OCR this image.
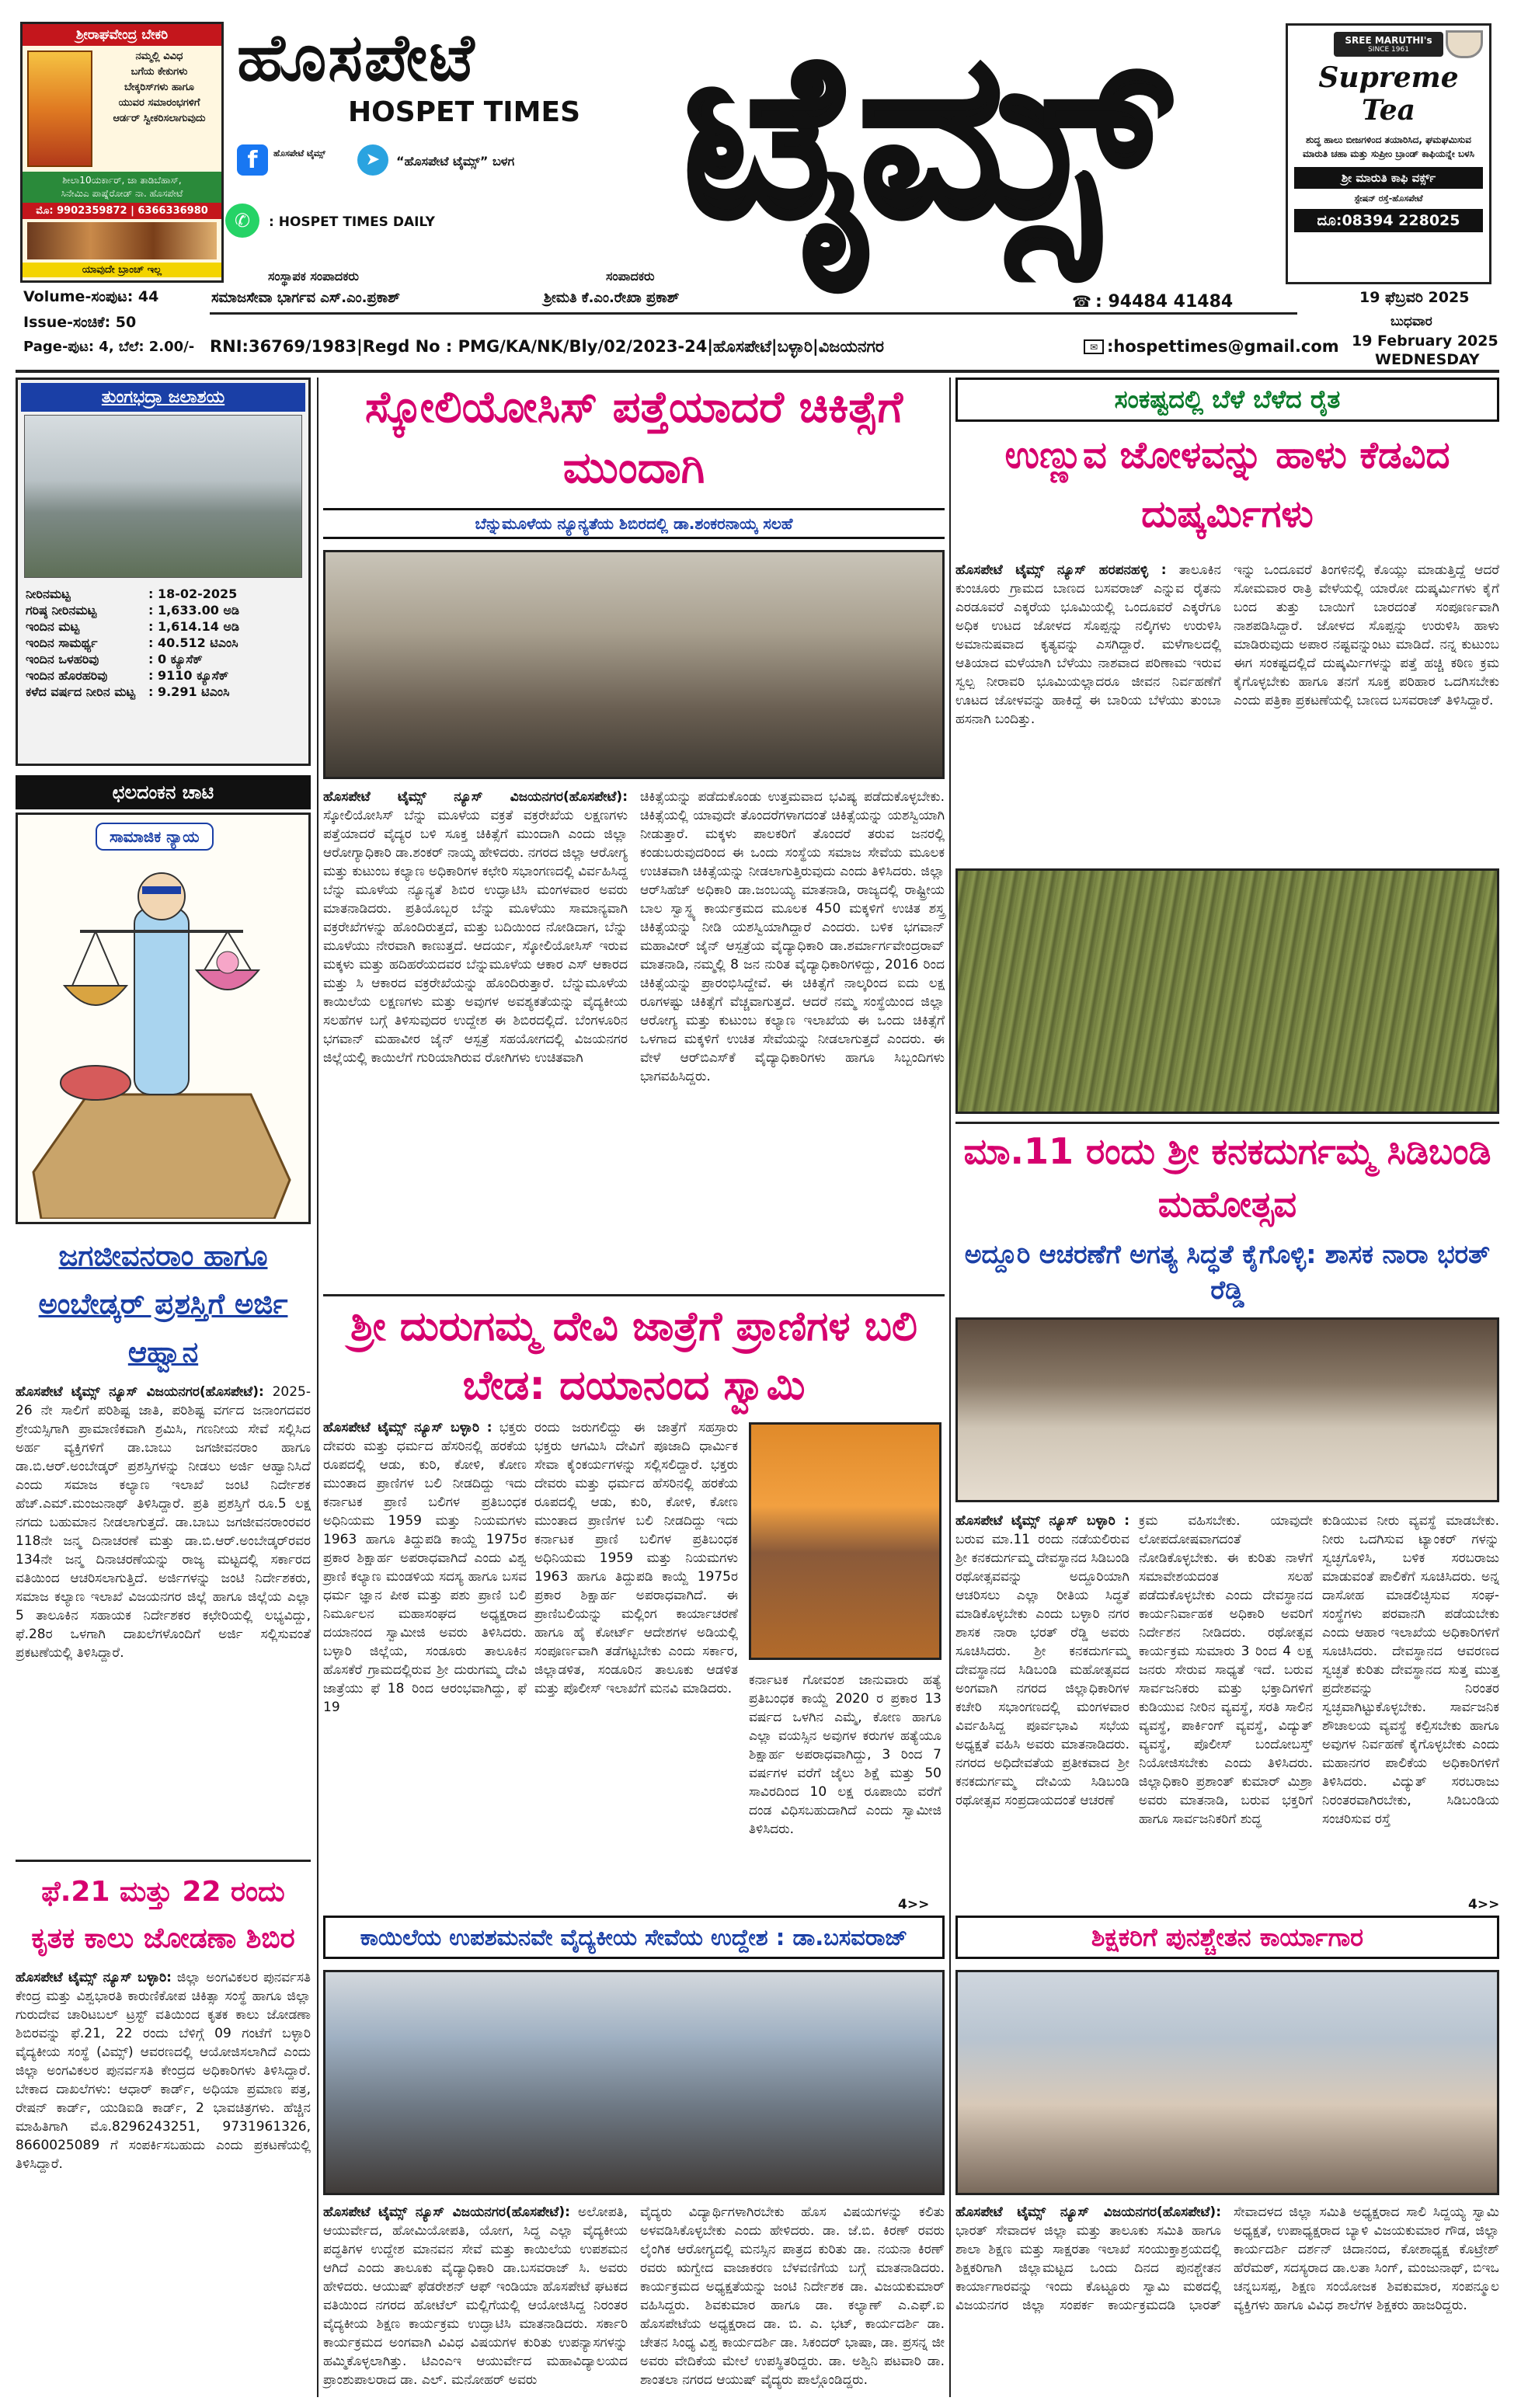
ಶ್ರೀರಾಘವೇಂದ್ರ ಬೇಕರಿ
ನಮ್ಮಲ್ಲಿ ವಿವಿಧ
ಬಗೆಯ ಕೇಕುಗಳು
ಬೇಕ್ಕರಿಸ್‌ಗಳು ಹಾಗೂ
ಯುವರ ಸಮಾರಂಭಗಳಿಗೆ
ಆರ್ಡರ್ ಸ್ವೀಕರಿಸಲಾಗುವುದು
ಶೀಲಾ10ಯರ್ಕಾರ್, ಜಾ ತಾಡಿಬೆಹಾಸ್,
ಸಿನೇಮಿಎ ಪಾಷ್ನೆರೋಡ್ ನಾ. ಹೊಸಪೇಟೆ
ಮೊ: 9902359872 | 6366336980
ಯಾವುದೇ ಬ್ರಾಂಚ್ ಇಲ್ಲ
ಹೊಸಪೇಟೆ
HOSPET TIMES
f	ಹೊಸಪೇಟೆ ಟೈಮ್ಸ್	➤	“ಹೊಸಪೇಟೆ ಟೈಮ್ಸ್” ಬಳಗ
✆	: HOSPET TIMES DAILY ಟೈಮ್ಸ್	SREE MARUTHI's
SINCE 1961
Supreme Tea
ಶುದ್ಧ ಹಾಲು ಬೀಜಗಳಿಂದ ತಯಾರಿಸಿದ, ಘಮಘಮಿಸುವ ಮಾರುತಿ ಚಹಾ ಮತ್ತು ಸುಪ್ರೀಂ ಬ್ರಾಂಡ್ ಕಾಫಿಯನ್ನೇ ಬಳಸಿ
ಶ್ರೀ ಮಾರುತಿ ಕಾಫಿ ವರ್ಕ್ಸ್
ಸ್ಟೇಷನ್ ರಸ್ತೆ-ಹೊಸಪೇಟೆ
ದೂ:08394 228025
ಸಂಸ್ಥಾಪಕ ಸಂಪಾದಕರು	ಸಂಪಾದಕರು
Volume-ಸಂಪುಟ: 44	ಸಮಾಜಸೇವಾ ಭಾರ್ಗವ ಎಸ್.ಎಂ.ಪ್ರಕಾಶ್	ಶ್ರೀಮತಿ ಕೆ.ಎಂ.ರೇಖಾ ಪ್ರಕಾಶ್	☎ : 94484 41484	19 ಫೆಬ್ರವರಿ 2025
Issue-ಸಂಚಿಕೆ: 50	ಬುಧವಾರ
Page-ಪುಟ: 4, ಬೆಲೆ: 2.00/- RNI:36769/1983|Regd No : PMG/KA/NK/Bly/02/2023-24|ಹೊಸಪೇಟೆ|ಬಳ್ಳಾರಿ|ವಿಜಯನಗರ	✉ :hospettimes@gmail.com 19 February 2025
WEDNESDAY
ತುಂಗಭದ್ರಾ ಜಲಾಶಯ
ನೀರಿನಮಟ್ಟ	: 18-02-2025
ಗರಿಷ್ಠ ನೀರಿನಮಟ್ಟ	: 1,633.00 ಅಡಿ
ಇಂದಿನ ಮಟ್ಟ	: 1,614.14 ಅಡಿ
ಇಂದಿನ ಸಾಮರ್ಥ್ಯ	: 40.512 ಟಿಎಂಸಿ
ಇಂದಿನ ಒಳಹರಿವು	: 0 ಕ್ಯೂಸೆಕ್
ಇಂದಿನ ಹೊರಹರಿವು	: 9110 ಕ್ಯೂಸೆಕ್
ಕಳೆದ ವರ್ಷದ ನೀರಿನ ಮಟ್ಟ	: 9.291 ಟಿಎಂಸಿ
ಛಲದಂಕನ ಚಾಟಿ
ಸಾಮಾಜಿಕ ನ್ಯಾಯ
ಜಗಜೀವನರಾಂ ಹಾಗೂ ಅಂಬೇಡ್ಕರ್ ಪ್ರಶಸ್ತಿಗೆ ಅರ್ಜಿ ಆಹ್ವಾನ
ಹೊಸಪೇಟೆ ಟೈಮ್ಸ್ ನ್ಯೂಸ್ ವಿಜಯನಗರ(ಹೊಸಪೇಟೆ): 2025-26 ನೇ ಸಾಲಿಗೆ ಪರಿಶಿಷ್ಟ ಜಾತಿ, ಪರಿಶಿಷ್ಟ ವರ್ಗದ ಜನಾಂಗದವರ ಶ್ರೇಯಸ್ಸಿಗಾಗಿ ಪ್ರಾಮಾಣಿಕವಾಗಿ ಶ್ರಮಿಸಿ, ಗಣನೀಯ ಸೇವೆ ಸಲ್ಲಿಸಿದ ಅರ್ಹ ವ್ಯಕ್ತಿಗಳಿಗೆ ಡಾ.ಬಾಬು ಜಗಜೀವನರಾಂ ಹಾಗೂ ಡಾ.ಬಿ.ಆರ್.ಅಂಬೇಡ್ಕರ್ ಪ್ರಶಸ್ತಿಗಳನ್ನು ನೀಡಲು ಅರ್ಜಿ ಆಹ್ವಾನಿಸಿದೆ ಎಂದು ಸಮಾಜ ಕಲ್ಯಾಣ ಇಲಾಖೆ ಜಂಟಿ ನಿರ್ದೇಶಕ ಹೆಚ್.ಎಮ್.ಮಂಜುನಾಥ್ ತಿಳಿಸಿದ್ದಾರೆ. ಪ್ರತಿ ಪ್ರಶಸ್ತಿಗೆ ರೂ.5 ಲಕ್ಷ ನಗದು ಬಹುಮಾನ ನೀಡಲಾಗುತ್ತದೆ. ಡಾ.ಬಾಬು ಜಗಜೀವನರಾಂರವರ 118ನೇ ಜನ್ಮ ದಿನಾಚರಣೆ ಮತ್ತು ಡಾ.ಬಿ.ಆರ್.ಅಂಬೇಡ್ಕರ್‌ರವರ 134ನೇ ಜನ್ಮ ದಿನಾಚರಣೆಯನ್ನು ರಾಜ್ಯ ಮಟ್ಟದಲ್ಲಿ ಸರ್ಕಾರದ ವತಿಯಿಂದ ಆಚರಿಸಲಾಗುತ್ತಿದೆ. ಅರ್ಜಿಗಳನ್ನು ಜಂಟಿ ನಿರ್ದೇಶಕರು, ಸಮಾಜ ಕಲ್ಯಾಣ ಇಲಾಖೆ ವಿಜಯನಗರ ಜಿಲ್ಲೆ ಹಾಗೂ ಜಿಲ್ಲೆಯ ಎಲ್ಲಾ 5 ತಾಲೂಕಿನ ಸಹಾಯಕ ನಿರ್ದೇಶಕರ ಕಛೇರಿಯಲ್ಲಿ ಲಭ್ಯವಿದ್ದು, ಫೆ.28ರ ಒಳಗಾಗಿ ದಾಖಲೆಗಳೊಂದಿಗೆ ಅರ್ಜಿ ಸಲ್ಲಿಸುವಂತೆ ಪ್ರಕಟಣೆಯಲ್ಲಿ ತಿಳಿಸಿದ್ದಾರೆ.
ಫೆ.21 ಮತ್ತು 22 ರಂದು ಕೃತಕ ಕಾಲು ಜೋಡಣಾ ಶಿಬಿರ
ಹೊಸಪೇಟೆ ಟೈಮ್ಸ್ ನ್ಯೂಸ್ ಬಳ್ಳಾರಿ: ಜಿಲ್ಲಾ ಅಂಗವಿಕಲರ ಪುನರ್ವಸತಿ ಕೇಂದ್ರ ಮತ್ತು ವಿಶ್ವಭಾರತಿ ಕಾರುಣಿಕೋಪ ಚಿಕಿತ್ಸಾ ಸಂಸ್ಥೆ ಹಾಗೂ ಜಿಲ್ಲಾ ಗುರುದೇವ ಚಾರಿಟಬಲ್ ಟ್ರಸ್ಟ್ ವತಿಯಿಂದ ಕೃತಕ ಕಾಲು ಜೋಡಣಾ ಶಿಬಿರವನ್ನು ಫೆ.21, 22 ರಂದು ಬೆಳಿಗ್ಗೆ 09 ಗಂಟೆಗೆ ಬಳ್ಳಾರಿ ವೈದ್ಯಕೀಯ ಸಂಸ್ಥೆ (ವಿಮ್ಸ್) ಆವರಣದಲ್ಲಿ ಆಯೋಜಿಸಲಾಗಿದೆ ಎಂದು ಜಿಲ್ಲಾ ಅಂಗವಿಕಲರ ಪುನರ್ವಸತಿ ಕೇಂದ್ರದ ಅಧಿಕಾರಿಗಳು ತಿಳಿಸಿದ್ದಾರೆ. ಬೇಕಾದ ದಾಖಲೆಗಳು: ಆಧಾರ್ ಕಾರ್ಡ್, ಅಧಿಯಾ ಪ್ರಮಾಣ ಪತ್ರ, ರೇಷನ್ ಕಾರ್ಡ್, ಯುಡಿಐಡಿ ಕಾರ್ಡ್, 2 ಭಾವಚಿತ್ರಗಳು. ಹೆಚ್ಚಿನ ಮಾಹಿತಿಗಾಗಿ ಮೊ.8296243251, 9731961326, 8660025089 ಗೆ ಸಂಪರ್ಕಿಸಬಹುದು ಎಂದು ಪ್ರಕಟಣೆಯಲ್ಲಿ ತಿಳಿಸಿದ್ದಾರೆ.
ಸ್ಕೋಲಿಯೋಸಿಸ್ ಪತ್ತೆಯಾದರೆ ಚಿಕಿತ್ಸೆಗೆ ಮುಂದಾಗಿ
ಬೆನ್ನುಮೂಳೆಯ ನ್ಯೂನ್ಯತೆಯ ಶಿಬಿರದಲ್ಲಿ ಡಾ.ಶಂಕರನಾಯ್ಕ ಸಲಹೆ
ಹೊಸಪೇಟೆ ಟೈಮ್ಸ್ ನ್ಯೂಸ್ ವಿಜಯನಗರ(ಹೊಸಪೇಟೆ): ಸ್ಕೋಲಿಯೋಸಿಸ್ ಬೆನ್ನು ಮೂಳೆಯ ವಕ್ರತೆ ವಕ್ರರೇಖೆಯ ಲಕ್ಷಣಗಳು ಪತ್ತೆಯಾದರೆ ವೈದ್ಯರ ಬಳಿ ಸೂಕ್ತ ಚಿಕಿತ್ಸೆಗೆ ಮುಂದಾಗಿ ಎಂದು ಜಿಲ್ಲಾ ಆರೋಗ್ಯಾಧಿಕಾರಿ ಡಾ.ಶಂಕರ್ ನಾಯ್ಕ ಹೇಳಿದರು. ನಗರದ ಜಿಲ್ಲಾ ಆರೋಗ್ಯ ಮತ್ತು ಕುಟುಂಬ ಕಲ್ಯಾಣ ಅಧಿಕಾರಿಗಳ ಕಛೇರಿ ಸಭಾಂಗಣದಲ್ಲಿ ವಿರ್ವಹಿಸಿದ್ದ ಬೆನ್ನು ಮೂಳೆಯ ನ್ಯೂನ್ಯತೆ ಶಿಬಿರ ಉದ್ಘಾಟಿಸಿ ಮಂಗಳವಾರ ಅವರು ಮಾತನಾಡಿದರು. ಪ್ರತಿಯೊಬ್ಬರ ಬೆನ್ನು ಮೂಳೆಯು ಸಾಮಾನ್ಯವಾಗಿ ವಕ್ರರೇಖೆಗಳನ್ನು ಹೊಂದಿರುತ್ತದೆ, ಮತ್ತು ಬದಿಯಿಂದ ನೋಡಿದಾಗ, ಬೆನ್ನು ಮೂಳೆಯು ನೇರವಾಗಿ ಕಾಣುತ್ತದೆ. ಆದರ್ಯ, ಸ್ಕೋಲಿಯೋಸಿಸ್ ಇರುವ ಮಕ್ಕಳು ಮತ್ತು ಹದಿಹರೆಯದವರ ಬೆನ್ನುಮೂಳೆಯ ಆಕಾರ ಎಸ್ ಆಕಾರದ ಮತ್ತು ಸಿ ಆಕಾರದ ವಕ್ರರೇಖೆಯನ್ನು ಹೊಂದಿರುತ್ತಾರೆ. ಬೆನ್ನುಮೂಳೆಯ ಕಾಯಿಲೆಯ ಲಕ್ಷಣಗಳು ಮತ್ತು ಅವುಗಳ ಅವಶ್ಯಕತೆಯನ್ನು ವೈದ್ಯಕೀಯ ಸಲಹೆಗಳ ಬಗ್ಗೆ ತಿಳಿಸುವುದರ ಉದ್ದೇಶ ಈ ಶಿಬಿರದಲ್ಲಿದೆ. ಬೆಂಗಳೂರಿನ ಭಗವಾನ್ ಮಹಾವೀರ ಜೈನ್ ಆಸ್ಪತ್ರೆ ಸಹಯೋಗದಲ್ಲಿ ವಿಜಯನಗರ ಜಿಲ್ಲೆಯಲ್ಲಿ ಕಾಯಿಲೆಗೆ ಗುರಿಯಾಗಿರುವ ರೋಗಿಗಳು ಉಚಿತವಾಗಿ
ಚಿಕಿತ್ಸೆಯನ್ನು ಪಡೆದುಕೊಂಡು ಉತ್ತಮವಾದ ಭವಿಷ್ಯ ಪಡೆದುಕೊಳ್ಳಬೇಕು. ಚಿಕಿತ್ಸೆಯಲ್ಲಿ ಯಾವುದೇ ತೊಂದರೆಗಳಾಗದಂತೆ ಚಿಕಿತ್ಸೆಯನ್ನು ಯಶಸ್ವಿಯಾಗಿ ನೀಡುತ್ತಾರೆ. ಮಕ್ಕಳು ಪಾಲಕರಿಗೆ ತೊಂದರೆ ತರುವ ಜನರಲ್ಲಿ ಕಂಡುಬರುವುದರಿಂದ ಈ ಒಂದು ಸಂಸ್ಥೆಯ ಸಮಾಜ ಸೇವೆಯ ಮೂಲಕ ಉಚಿತವಾಗಿ ಚಿಕಿತ್ಸೆಯನ್ನು ನೀಡಲಾಗುತ್ತಿರುವುದು ಎಂದು ತಿಳಿಸಿದರು. ಜಿಲ್ಲಾ ಆರ್‌ಸಿಹೆಚ್ ಅಧಿಕಾರಿ ಡಾ.ಜಂಬಯ್ಯ ಮಾತನಾಡಿ, ರಾಜ್ಯದಲ್ಲಿ ರಾಷ್ಟ್ರೀಯ ಬಾಲ ಸ್ವಾಸ್ಥ್ಯ ಕಾರ್ಯಕ್ರಮದ ಮೂಲಕ 450 ಮಕ್ಕಳಿಗೆ ಉಚಿತ ಶಸ್ತ್ರ ಚಿಕಿತ್ಸೆಯನ್ನು ನೀಡಿ ಯಶಸ್ವಿಯಾಗಿದ್ದಾರೆ ಎಂದರು. ಬಳಿಕ ಭಗವಾನ್ ಮಹಾವೀರ್ ಜೈನ್ ಆಸ್ಪತ್ರೆಯ ವೈದ್ಯಾಧಿಕಾರಿ ಡಾ.ಶರ್ಮಾರ್ಗವೇಂದ್ರರಾವ್ ಮಾತನಾಡಿ, ನಮ್ಮಲ್ಲಿ 8 ಜನ ನುರಿತ ವೈದ್ಯಾಧಿಕಾರಿಗಳಿದ್ದು, 2016 ರಿಂದ ಚಿಕಿತ್ಸೆಯನ್ನು ಪ್ರಾರಂಭಿಸಿದ್ದೇವೆ. ಈ ಚಿಕಿತ್ಸೆಗೆ ನಾಲ್ಕರಿಂದ ಐದು ಲಕ್ಷ ರೂಗಳಷ್ಟು ಚಿಕಿತ್ಸೆಗೆ ವೆಚ್ಚವಾಗುತ್ತದೆ. ಆದರೆ ನಮ್ಮ ಸಂಸ್ಥೆಯಿಂದ ಜಿಲ್ಲಾ ಆರೋಗ್ಯ ಮತ್ತು ಕುಟುಂಬ ಕಲ್ಯಾಣ ಇಲಾಖೆಯ ಈ ಒಂದು ಚಿಕಿತ್ಸೆಗೆ ಒಳಗಾದ ಮಕ್ಕಳಿಗೆ ಉಚಿತ ಸೇವೆಯನ್ನು ನೀಡಲಾಗುತ್ತದೆ ಎಂದರು. ಈ ವೇಳೆ ಆರ್‌ಬಿಎಸ್‌ಕೆ ವೈದ್ಯಾಧಿಕಾರಿಗಳು ಹಾಗೂ ಸಿಬ್ಬಂದಿಗಳು ಭಾಗವಹಿಸಿದ್ದರು.
ಶ್ರೀ ದುರುಗಮ್ಮ ದೇವಿ ಜಾತ್ರೆಗೆ ಪ್ರಾಣಿಗಳ ಬಲಿ ಬೇಡ: ದಯಾನಂದ ಸ್ವಾಮಿ
ಹೊಸಪೇಟೆ ಟೈಮ್ಸ್ ನ್ಯೂಸ್ ಬಳ್ಳಾರಿ : ಭಕ್ತರು ದೇವರು ಮತ್ತು ಧರ್ಮದ ಹೆಸರಿನಲ್ಲಿ ಹರಕೆಯ ರೂಪದಲ್ಲಿ ಆಡು, ಕುರಿ, ಕೋಳಿ, ಕೋಣ ಮುಂತಾದ ಪ್ರಾಣಿಗಳ ಬಲಿ ನೀಡದಿದ್ದು ಇದು ಕರ್ನಾಟಕ ಪ್ರಾಣಿ ಬಲಿಗಳ ಪ್ರತಿಬಂಧಕ ಅಧಿನಿಯಮ 1959 ಮತ್ತು ನಿಯಮಗಳು 1963 ಹಾಗೂ ತಿದ್ದುಪಡಿ ಕಾಯ್ದೆ 1975ರ ಪ್ರಕಾರ ಶಿಕ್ಷಾರ್ಹ ಅಪರಾಧವಾಗಿದೆ ಎಂದು ವಿಶ್ವ ಪ್ರಾಣಿ ಕಲ್ಯಾಣ ಮಂಡಳಿಯ ಸದಸ್ಯ ಹಾಗೂ ಬಸವ ಧರ್ಮ ಜ್ಞಾನ ಪೀಠ ಮತ್ತು ಪಶು ಪ್ರಾಣಿ ಬಲಿ ನಿರ್ಮೂಲನ ಮಹಾಸಂಘದ ಅಧ್ಯಕ್ಷರಾದ ದಯಾನಂದ ಸ್ವಾಮೀಜಿ ಅವರು ತಿಳಿಸಿದರು. ಬಳ್ಳಾರಿ ಜಿಲ್ಲೆಯ, ಸಂಡೂರು ತಾಲೂಕಿನ ಹೊಸಕೆರೆ ಗ್ರಾಮದಲ್ಲಿರುವ ಶ್ರೀ ದುರುಗಮ್ಮ ದೇವಿ ಜಾತ್ರೆಯು ಫೆ 18 ರಿಂದ ಆರಂಭವಾಗಿದ್ದು, ಫೆ 19
ರಂದು ಜರುಗಲಿದ್ದು ಈ ಜಾತ್ರೆಗೆ ಸಹಸ್ರಾರು ಭಕ್ತರು ಆಗಮಿಸಿ ದೇವಿಗೆ ಪೂಜಾದಿ ಧಾರ್ಮಿಕ ಸೇವಾ ಕೈಂಕರ್ಯಗಳನ್ನು ಸಲ್ಲಿಸಲಿದ್ದಾರೆ. ಭಕ್ತರು ದೇವರು ಮತ್ತು ಧರ್ಮದ ಹೆಸರಿನಲ್ಲಿ ಹರಕೆಯ ರೂಪದಲ್ಲಿ ಆಡು, ಕುರಿ, ಕೋಳಿ, ಕೋಣ ಮುಂತಾದ ಪ್ರಾಣಿಗಳ ಬಲಿ ನೀಡದಿದ್ದು ಇದು ಕರ್ನಾಟಕ ಪ್ರಾಣಿ ಬಲಿಗಳ ಪ್ರತಿಬಂಧಕ ಅಧಿನಿಯಮ 1959 ಮತ್ತು ನಿಯಮಗಳು 1963 ಹಾಗೂ ತಿದ್ದುಪಡಿ ಕಾಯ್ದೆ 1975ರ ಪ್ರಕಾರ ಶಿಕ್ಷಾರ್ಹ ಅಪರಾಧವಾಗಿದೆ. ಈ ಪ್ರಾಣಿಬಲಿಯನ್ನು ಮಲ್ಲಿಂಗ ಕಾರ್ಯಾಚರಣೆ ಹಾಗೂ ಹೈ ಕೋರ್ಟ್ ಆದೇಶಗಳ ಅಡಿಯಲ್ಲಿ ಸಂಪೂರ್ಣವಾಗಿ ತಡೆಗಟ್ಟಬೇಕು ಎಂದು ಸರ್ಕಾರ, ಜಿಲ್ಲಾಡಳಿತ, ಸಂಡೂರಿನ ತಾಲೂಕು ಆಡಳಿತ ಮತ್ತು ಪೊಲೀಸ್ ಇಲಾಖೆಗೆ ಮನವಿ ಮಾಡಿದರು.
ಕರ್ನಾಟಕ ಗೋವಂಶ ಜಾನುವಾರು ಹತ್ಯೆ ಪ್ರತಿಬಂಧಕ ಕಾಯ್ದೆ 2020 ರ ಪ್ರಕಾರ 13 ವರ್ಷದ ಒಳಗಿನ ಎಮ್ಮೆ, ಕೋಣ ಹಾಗೂ ಎಲ್ಲಾ ವಯಸ್ಸಿನ ಅವುಗಳ ಕರುಗಳ ಹತ್ಯೆಯೂ ಶಿಕ್ಷಾರ್ಹ ಅಪರಾಧವಾಗಿದ್ದು, 3 ರಿಂದ 7 ವರ್ಷಗಳ ವರೆಗೆ ಜೈಲು ಶಿಕ್ಷೆ ಮತ್ತು 50 ಸಾವಿರದಿಂದ 10 ಲಕ್ಷ ರೂಪಾಯಿ ವರೆಗೆ ದಂಡ ವಿಧಿಸಬಹುದಾಗಿದೆ ಎಂದು ಸ್ವಾಮೀಜಿ ತಿಳಿಸಿದರು.
4>>
ಕಾಯಿಲೆಯ ಉಪಶಮನವೇ ವೈದ್ಯಕೀಯ ಸೇವೆಯ ಉದ್ದೇಶ : ಡಾ.ಬಸವರಾಜ್
ಹೊಸಪೇಟೆ ಟೈಮ್ಸ್ ನ್ಯೂಸ್ ವಿಜಯನಗರ(ಹೊಸಪೇಟೆ): ಅಲೋಪತಿ, ಆಯುರ್ವೇದ, ಹೋಮಿಯೋಪತಿ, ಯೋಗ, ಸಿದ್ಧ ಎಲ್ಲಾ ವೈದ್ಯಕೀಯ ಪದ್ಧತಿಗಳ ಉದ್ದೇಶ ಮಾನವನ ಸೇವೆ ಮತ್ತು ಕಾಯಿಲೆಯ ಉಪಶಮನ ಆಗಿದೆ ಎಂದು ತಾಲೂಕು ವೈದ್ಯಾಧಿಕಾರಿ ಡಾ.ಬಸವರಾಜ್ ಸಿ. ಅವರು ಹೇಳಿದರು. ಆಯುಷ್ ಫೆಡರೇಶನ್ ಆಫ್ ಇಂಡಿಯಾ ಹೊಸಪೇಟೆ ಘಟಕದ ವತಿಯಿಂದ ನಗರದ ಹೋಟೆಲ್ ಮಲ್ಲಿಗೆಯಲ್ಲಿ ಆಯೋಜಿಸಿದ್ದ ನಿರಂತರ ವೈದ್ಯಕೀಯ ಶಿಕ್ಷಣ ಕಾರ್ಯಕ್ರಮ ಉದ್ಘಾಟಿಸಿ ಮಾತನಾಡಿದರು. ಸರ್ಕಾರಿ ಕಾರ್ಯಕ್ರಮದ ಅಂಗವಾಗಿ ವಿವಿಧ ವಿಷಯಗಳ ಕುರಿತು ಉಪನ್ಯಾಸಗಳನ್ನು ಹಮ್ಮಿಕೊಳ್ಳಲಾಗಿತ್ತು. ಟಿಎಂಎಇ ಆಯುರ್ವೇದ ಮಹಾವಿದ್ಯಾಲಯದ ಪ್ರಾಂಶುಪಾಲರಾದ ಡಾ. ಎಲ್. ಮನೋಹರ್ ಅವರು
ವೈದ್ಯರು ವಿದ್ಯಾರ್ಥಿಗಳಾಗಿರಬೇಕು ಹೊಸ ವಿಷಯಗಳನ್ನು ಕಲಿತು ಅಳವಡಿಸಿಕೊಳ್ಳಬೇಕು ಎಂದು ಹೇಳಿದರು. ಡಾ. ಜೆ.ಬಿ. ಕಿರಣ್ ರವರು ಲೈಂಗಿಕ ಆರೋಗ್ಯದಲ್ಲಿ ಮನಸ್ಸಿನ ಪಾತ್ರದ ಕುರಿತು ಡಾ. ನಯನಾ ಕಿರಣ್ ರವರು ಋಗ್ವೇದ ವಾಜಾಕರಣ ಬೆಳವಣಿಗೆಯ ಬಗ್ಗೆ ಮಾತನಾಡಿದರು. ಕಾರ್ಯಕ್ರಮದ ಅಧ್ಯಕ್ಷತೆಯನ್ನು ಜಂಟಿ ನಿರ್ದೇಶಕ ಡಾ. ವಿಜಯಕುಮಾರ್ ವಹಿಸಿದ್ದರು. ಶಿವಕುಮಾರ ಹಾಗೂ ಡಾ. ಕಲ್ಯಾಣ್ ಎ.ಎಫ್.ಐ ಹೊಸಪೇಟೆಯ ಅಧ್ಯಕ್ಷರಾದ ಡಾ. ಬಿ. ಎ. ಭಟ್, ಕಾರ್ಯದರ್ಶಿ ಡಾ. ಚೇತನ ಸಿಂಧ್ಯ ವಿಶ್ವ ಕಾರ್ಯದರ್ಶಿ ಡಾ. ಸಿಕಂದರ್ ಭಾಷಾ, ಡಾ. ಪ್ರಸನ್ನ ಜೀ ಅವರು ವೇದಿಕೆಯ ಮೇಲೆ ಉಪಸ್ಥಿತರಿದ್ದರು. ಡಾ. ಅಶ್ವಿನಿ ಪಟವಾರಿ ಡಾ. ಶಾಂತಲಾ ನಗರದ ಆಯುಷ್ ವೈದ್ಯರು ಪಾಲ್ಗೊಂಡಿದ್ದರು.
ಸಂಕಷ್ಟದಲ್ಲಿ ಬೆಳೆ ಬೆಳೆದ ರೈತ
ಉಣ್ಣುವ ಜೋಳವನ್ನು ಹಾಳು ಕೆಡವಿದ ದುಷ್ಕರ್ಮಿಗಳು
ಹೊಸಪೇಟೆ ಟೈಮ್ಸ್ ನ್ಯೂಸ್ ಹರಪನಹಳ್ಳಿ : ತಾಲೂಕಿನ ಕುಂಚೂರು ಗ್ರಾಮದ ಬಾಣದ ಬಸವರಾಜ್ ಎನ್ನುವ ರೈತನು ಎರಡೂವರೆ ಎಕ್ಕರೆಯ ಭೂಮಿಯಲ್ಲಿ ಒಂದೂವರೆ ಎಕ್ಕರೆಗೂ ಅಧಿಕ ಉಟದ ಜೋಳದ ಸೊಪ್ಪನ್ನು ನಲ್ಕಿಗಳು ಉರುಳಿಸಿ ಅಮಾನುಷವಾದ ಕೃತ್ಯವನ್ನು ಎಸಗಿದ್ದಾರೆ. ಮಳೆಗಾಲದಲ್ಲಿ ಆತಿಯಾದ ಮಳೆಯಾಗಿ ಬೆಳೆಯು ನಾಶವಾದ ಪರಿಣಾಮ ಇರುವ ಸ್ವಲ್ಪ ನೀರಾವರಿ ಭೂಮಿಯಲ್ಲಾದರೂ ಜೀವನ ನಿರ್ವಹಣೆಗೆ ಊಟದ ಜೋಳವನ್ನು ಹಾಕಿದ್ದೆ ಈ ಬಾರಿಯ ಬೆಳೆಯು ತುಂಬಾ ಹಸನಾಗಿ ಬಂದಿತ್ತು.
ಇನ್ನು ಒಂದೂವರೆ ತಿಂಗಳಿನಲ್ಲಿ ಕೊಯ್ಲು ಮಾಡುತ್ತಿದ್ದೆ ಆದರೆ ಸೋಮವಾರ ರಾತ್ರಿ ವೇಳೆಯಲ್ಲಿ ಯಾರೋ ದುಷ್ಕರ್ಮಿಗಳು ಕೈಗೆ ಬಂದ ತುತ್ತು ಬಾಯಿಗೆ ಬಾರದಂತೆ ಸಂಪೂರ್ಣವಾಗಿ ನಾಶಪಡಿಸಿದ್ದಾರೆ. ಜೋಳದ ಸೊಪ್ಪನ್ನು ಉರುಳಿಸಿ ಹಾಳು ಮಾಡಿರುವುದು ಅಪಾರ ನಷ್ಟವನ್ನುಂಟು ಮಾಡಿದೆ. ನನ್ನ ಕುಟುಂಬ ಈಗ ಸಂಕಷ್ಟದಲ್ಲಿದೆ ದುಷ್ಕರ್ಮಿಗಳನ್ನು ಪತ್ತೆ ಹಚ್ಚಿ ಕಠಿಣ ಕ್ರಮ ಕೈಗೊಳ್ಳಬೇಕು ಹಾಗೂ ತನಗೆ ಸೂಕ್ತ ಪರಿಹಾರ ಒದಗಿಸಬೇಕು ಎಂದು ಪತ್ರಿಕಾ ಪ್ರಕಟಣೆಯಲ್ಲಿ ಬಾಣದ ಬಸವರಾಜ್ ತಿಳಿಸಿದ್ದಾರೆ.
ಮಾ.11 ರಂದು ಶ್ರೀ ಕನಕದುರ್ಗಮ್ಮ ಸಿಡಿಬಂಡಿ ಮಹೋತ್ಸವ
ಅದ್ದೂರಿ ಆಚರಣೆಗೆ ಅಗತ್ಯ ಸಿದ್ಧತೆ ಕೈಗೊಳ್ಳಿ: ಶಾಸಕ ನಾರಾ ಭರತ್ ರೆಡ್ಡಿ
ಹೊಸಪೇಟೆ ಟೈಮ್ಸ್ ನ್ಯೂಸ್ ಬಳ್ಳಾರಿ : ಬರುವ ಮಾ.11 ರಂದು ನಡೆಯಲಿರುವ ಶ್ರೀ ಕನಕದುರ್ಗಮ್ಮ ದೇವಸ್ಥಾನದ ಸಿಡಿಬಂಡಿ ರಥೋತ್ಸವವನ್ನು ಅದ್ದೂರಿಯಾಗಿ ಆಚರಿಸಲು ಎಲ್ಲಾ ರೀತಿಯ ಸಿದ್ಧತೆ ಮಾಡಿಕೊಳ್ಳಬೇಕು ಎಂದು ಬಳ್ಳಾರಿ ನಗರ ಶಾಸಕ ನಾರಾ ಭರತ್ ರೆಡ್ಡಿ ಅವರು ಸೂಚಿಸಿದರು. ಶ್ರೀ ಕನಕದುರ್ಗಮ್ಮ ದೇವಸ್ಥಾನದ ಸಿಡಿಬಂಡಿ ಮಹೋತ್ಸವದ ಅಂಗವಾಗಿ ನಗರದ ಜಿಲ್ಲಾಧಿಕಾರಿಗಳ ಕಚೇರಿ ಸಭಾಂಗಣದಲ್ಲಿ ಮಂಗಳವಾರ ವಿರ್ವಹಿಸಿದ್ದ ಪೂರ್ವಭಾವಿ ಸಭೆಯ ಅಧ್ಯಕ್ಷತೆ ವಹಿಸಿ ಅವರು ಮಾತನಾಡಿದರು. ನಗರದ ಅಧಿದೇವತೆಯ ಪ್ರತೀಕವಾದ ಶ್ರೀ ಕನಕದುರ್ಗಮ್ಮ ದೇವಿಯ ಸಿಡಿಬಂಡಿ ರಥೋತ್ಸವ ಸಂಪ್ರದಾಯದಂತೆ ಆಚರಣೆ
ಕ್ರಮ ವಹಿಸಬೇಕು. ಯಾವುದೇ ಲೋಪದೋಷವಾಗದಂತೆ ನೋಡಿಕೊಳ್ಳಬೇಕು. ಈ ಕುರಿತು ನಾಳೆಗೆ ಸಮಾವೇಶಯದಂತ ಸಲಹೆ ಪಡೆದುಕೊಳ್ಳಬೇಕು ಎಂದು ದೇವಸ್ಥಾನದ ಕಾರ್ಯನಿರ್ವಾಹಕ ಅಧಿಕಾರಿ ಅವರಿಗೆ ನಿರ್ದೇಶನ ನೀಡಿದರು. ರಥೋತ್ಸವ ಕಾರ್ಯಕ್ರಮ ಸುಮಾರು 3 ರಿಂದ 4 ಲಕ್ಷ ಜನರು ಸೇರುವ ಸಾಧ್ಯತೆ ಇದೆ. ಬರುವ ಸಾರ್ವಜನಿಕರು ಮತ್ತು ಭಕ್ತಾದಿಗಳಿಗೆ ಕುಡಿಯುವ ನೀರಿನ ವ್ಯವಸ್ಥೆ, ಸರತಿ ಸಾಲಿನ ವ್ಯವಸ್ಥೆ, ಪಾರ್ಕಿಂಗ್ ವ್ಯವಸ್ಥೆ, ವಿದ್ಯುತ್ ವ್ಯವಸ್ಥೆ, ಪೊಲೀಸ್ ಬಂದೋಬಸ್ತ್ ನಿಯೋಜಿಸಬೇಕು ಎಂದು ತಿಳಿಸಿದರು. ಜಿಲ್ಲಾಧಿಕಾರಿ ಪ್ರಶಾಂತ್ ಕುಮಾರ್ ಮಿಶ್ರಾ ಅವರು ಮಾತನಾಡಿ, ಬರುವ ಭಕ್ತರಿಗೆ ಹಾಗೂ ಸಾರ್ವಜನಿಕರಿಗೆ ಶುದ್ಧ
ಕುಡಿಯುವ ನೀರು ವ್ಯವಸ್ಥೆ ಮಾಡಬೇಕು. ನೀರು ಒದಗಿಸುವ ಟ್ಯಾಂಕರ್ ಗಳನ್ನು ಸ್ವಚ್ಛಗೊಳಿಸಿ, ಬಳಿಕ ಸರಬರಾಜು ಮಾಡುವಂತೆ ಪಾಲಿಕೆಗೆ ಸೂಚಿಸಿದರು. ಅನ್ನ ದಾಸೋಹ ಮಾಡಲಿಚ್ಛಿಸುವ ಸಂಘ-ಸಂಸ್ಥೆಗಳು ಪರವಾನಗಿ ಪಡೆಯಬೇಕು ಎಂದು ಆಹಾರ ಇಲಾಖೆಯ ಅಧಿಕಾರಿಗಳಿಗೆ ಸೂಚಿಸಿದರು. ದೇವಸ್ಥಾನದ ಆವರಣದ ಸ್ವಚ್ಛತೆ ಕುರಿತು ದೇವಸ್ಥಾನದ ಸುತ್ತ ಮುತ್ತ ಪ್ರದೇಶವನ್ನು ನಿರಂತರ ಸ್ವಚ್ಛವಾಗಿಟ್ಟುಕೊಳ್ಳಬೇಕು. ಸಾರ್ವಜನಿಕ ಶೌಚಾಲಯ ವ್ಯವಸ್ಥೆ ಕಲ್ಪಿಸಬೇಕು ಹಾಗೂ ಅವುಗಳ ನಿರ್ವಹಣೆ ಕೈಗೊಳ್ಳಬೇಕು ಎಂದು ಮಹಾನಗರ ಪಾಲಿಕೆಯ ಅಧಿಕಾರಿಗಳಿಗೆ ತಿಳಿಸಿದರು. ವಿದ್ಯುತ್ ಸರಬರಾಜು ನಿರಂತರವಾಗಿರಬೇಕು, ಸಿಡಿಬಂಡಿಯ ಸಂಚರಿಸುವ ರಸ್ತೆ
4>>
ಶಿಕ್ಷಕರಿಗೆ ಪುನಶ್ಚೇತನ ಕಾರ್ಯಾಗಾರ
ಹೊಸಪೇಟೆ ಟೈಮ್ಸ್ ನ್ಯೂಸ್ ವಿಜಯನಗರ(ಹೊಸಪೇಟೆ): ಭಾರತ್ ಸೇವಾದಳ ಜಿಲ್ಲಾ ಮತ್ತು ತಾಲೂಕು ಸಮಿತಿ ಹಾಗೂ ಶಾಲಾ ಶಿಕ್ಷಣ ಮತ್ತು ಸಾಕ್ಷರತಾ ಇಲಾಖೆ ಸಂಯುಕ್ತಾಶ್ರಯದಲ್ಲಿ ಶಿಕ್ಷಕರಿಗಾಗಿ ಜಿಲ್ಲಾಮಟ್ಟದ ಒಂದು ದಿನದ ಪುನಶ್ಚೇತನ ಕಾರ್ಯಾಗಾರವನ್ನು ಇಂದು ಕೊಟ್ಟೂರು ಸ್ವಾಮಿ ಮಠದಲ್ಲಿ ವಿಜಯನಗರ ಜಿಲ್ಲಾ ಸಂಪರ್ಕ ಕಾರ್ಯಕ್ರಮದಡಿ ಭಾರತ್ ಸೇವಾದಳದ ಜಿಲ್ಲಾ ಸಮಿತಿ ಅಧ್ಯಕ್ಷರಾದ ಸಾಲಿ ಸಿದ್ದಯ್ಯ ಸ್ವಾಮಿ ಅಧ್ಯಕ್ಷತೆ, ಉಪಾಧ್ಯಕ್ಷರಾದ ಬ್ಯಾಳಿ ವಿಜಯಕುಮಾರ ಗೌಡ, ಜಿಲ್ಲಾ ಕಾರ್ಯದರ್ಶಿ ದರ್ಶನ್ ಚಿದಾನಂದ, ಕೋಶಾಧ್ಯಕ್ಷ ಕೊಟ್ರೇಶ್ ಹೆರೆಮಠ್, ಸದಸ್ಯರಾದ ಡಾ.ಲತಾ ಸಿಂಗ್, ಮಂಜುನಾಥ್, ಬಿಇಒ ಚನ್ನಬಸಪ್ಪ, ಶಿಕ್ಷಣ ಸಂಯೋಜಕ ಶಿವಕುಮಾರ, ಸಂಪನ್ಮೂಲ ವ್ಯಕ್ತಿಗಳು ಹಾಗೂ ವಿವಿಧ ಶಾಲೆಗಳ ಶಿಕ್ಷಕರು ಹಾಜರಿದ್ದರು.
